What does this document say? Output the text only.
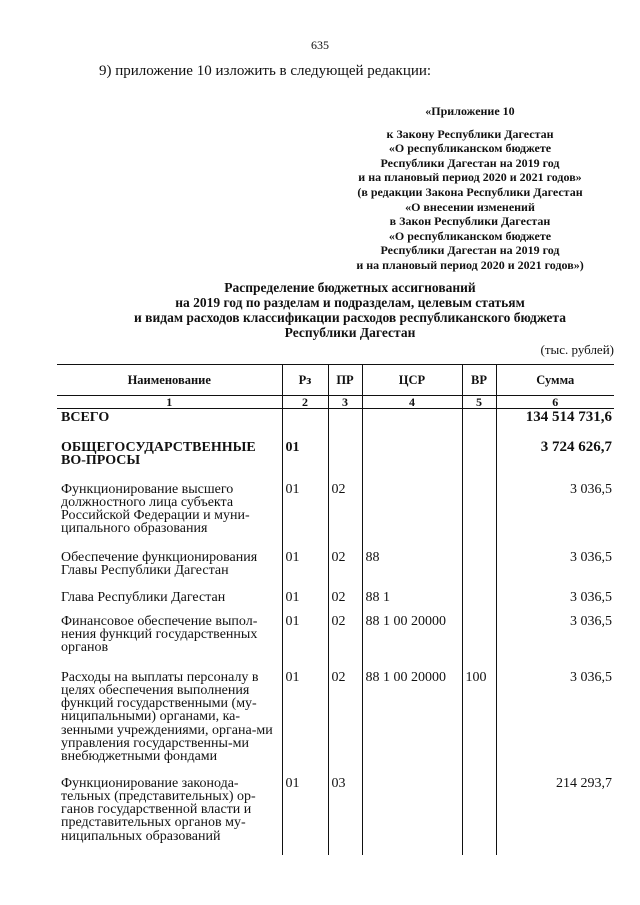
635
9) приложение 10 изложить в следующей редакции:
«Приложение 10
к Закону Республики Дагестан
«О республиканском бюджете
Республики Дагестан на 2019 год
и на плановый период 2020 и 2021 годов»
(в редакции Закона Республики Дагестан
«О внесении изменений
в Закон Республики Дагестан
«О республиканском бюджете
Республики Дагестан на 2019 год
и на плановый период 2020 и 2021 годов»)
Распределение бюджетных ассигнований
на 2019 год по разделам и подразделам, целевым статьям
и видам расходов классификации расходов республиканского бюджета
Республики Дагестан
(тыс. рублей)
Наименование	Рз	ПР	ЦСР	ВР	Сумма
1	2	3	4	5	6
ВСЕГО					134 514 731,6
ОБЩЕГОСУДАРСТВЕННЫЕ ВО-ПРОСЫ	01				3 724 626,7
Функционирование высшего должностного лица субъекта Российской Федерации и муни-ципального образования	01	02			3 036,5
Обеспечение функционирования Главы Республики Дагестан	01	02	88		3 036,5
Глава Республики Дагестан	01	02	88 1		3 036,5
Финансовое обеспечение выпол-нения функций государственных органов	01	02	88 1 00 20000		3 036,5
Расходы на выплаты персоналу в целях обеспечения выполнения функций государственными (му-ниципальными) органами, ка-зенными учреждениями, органа-ми управления государственны-ми внебюджетными фондами	01	02	88 1 00 20000	100	3 036,5
Функционирование законода-тельных (представительных) ор-ганов государственной власти и представительных органов му-ниципальных образований	01	03			214 293,7
